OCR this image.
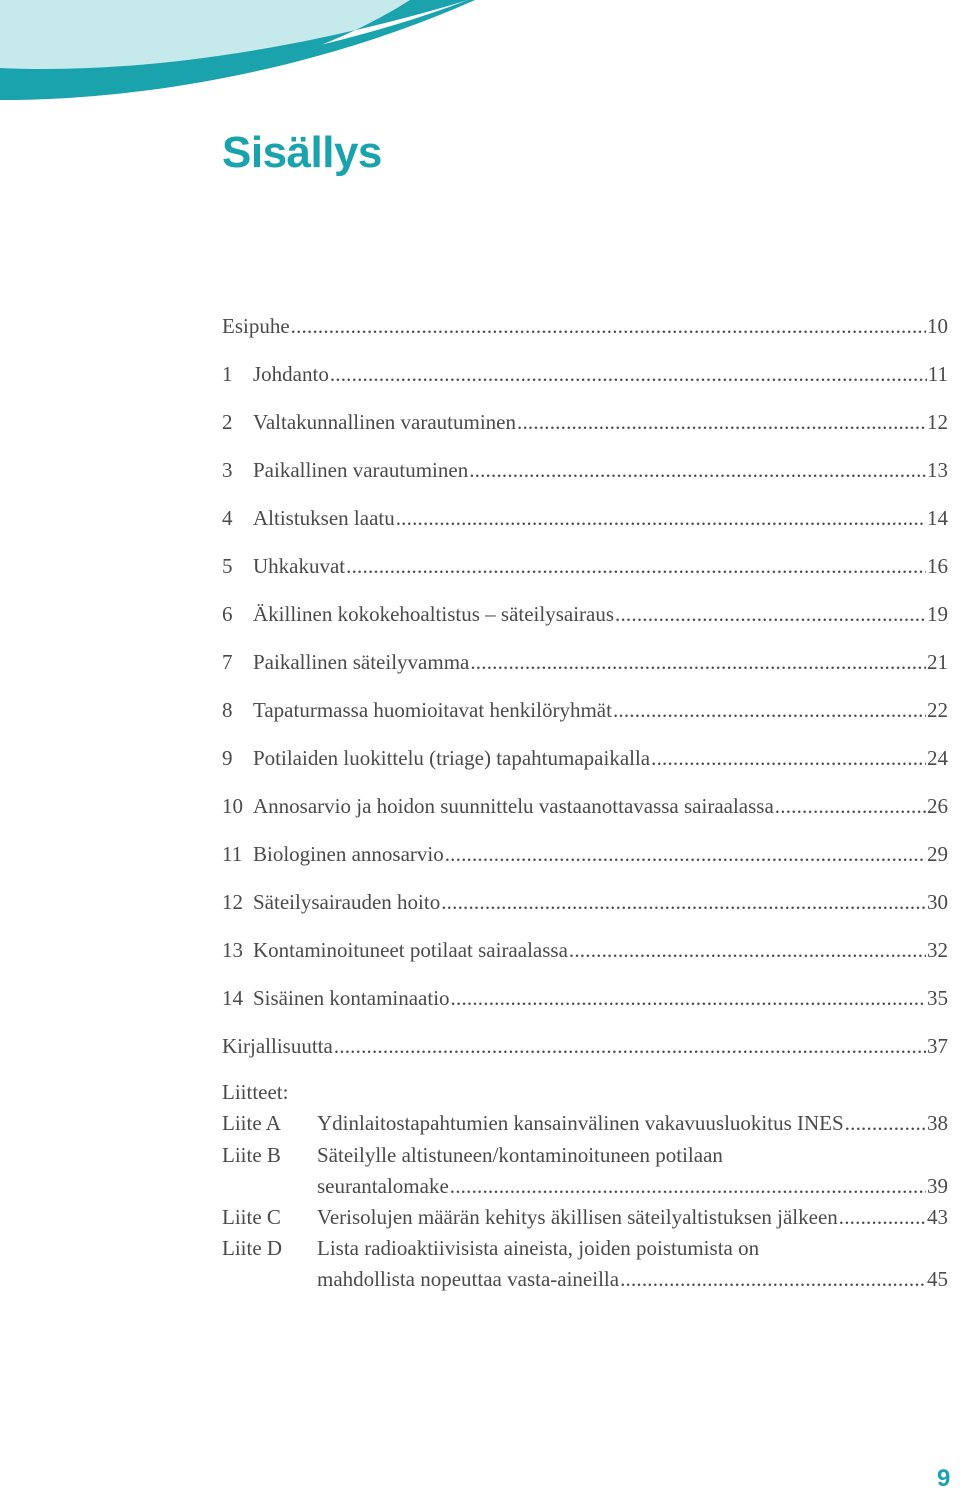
Sisällys
Esipuhe .....	10
1 Johdanto .....	11
2 Valtakunnallinen varautuminen .....	12
3 Paikallinen varautuminen .....	13
4 Altistuksen laatu .....	14
5 Uhkakuvat .....	16
6 Äkillinen kokokehoaltistus – säteilysairaus .....	19
7 Paikallinen säteilyvamma .....	21
8 Tapaturmassa huomioitavat henkilöryhmät .....	22
9 Potilaiden luokittelu (triage) tapahtumapaikalla .....	24
10 Annosarvio ja hoidon suunnittelu vastaanottavassa sairaalassa .....	26
11 Biologinen annosarvio .....	29
12 Säteilysairauden hoito .....	30
13 Kontaminoituneet potilaat sairaalassa .....	32
14 Sisäinen kontaminaatio .....	35
Kirjallisuutta .....	37
Liitteet:
Liite A Ydinlaitostapahtumien kansainvälinen vakavuusluokitus INES .....	38
Liite B Säteilylle altistuneen/kontaminoituneen potilaan
seurantalomake .....	39
Liite C Verisolujen määrän kehitys äkillisen säteilyaltistuksen jälkeen .....	43
Liite D Lista radioaktiivisista aineista, joiden poistumista on
mahdollista nopeuttaa vasta-aineilla .....	45
9
